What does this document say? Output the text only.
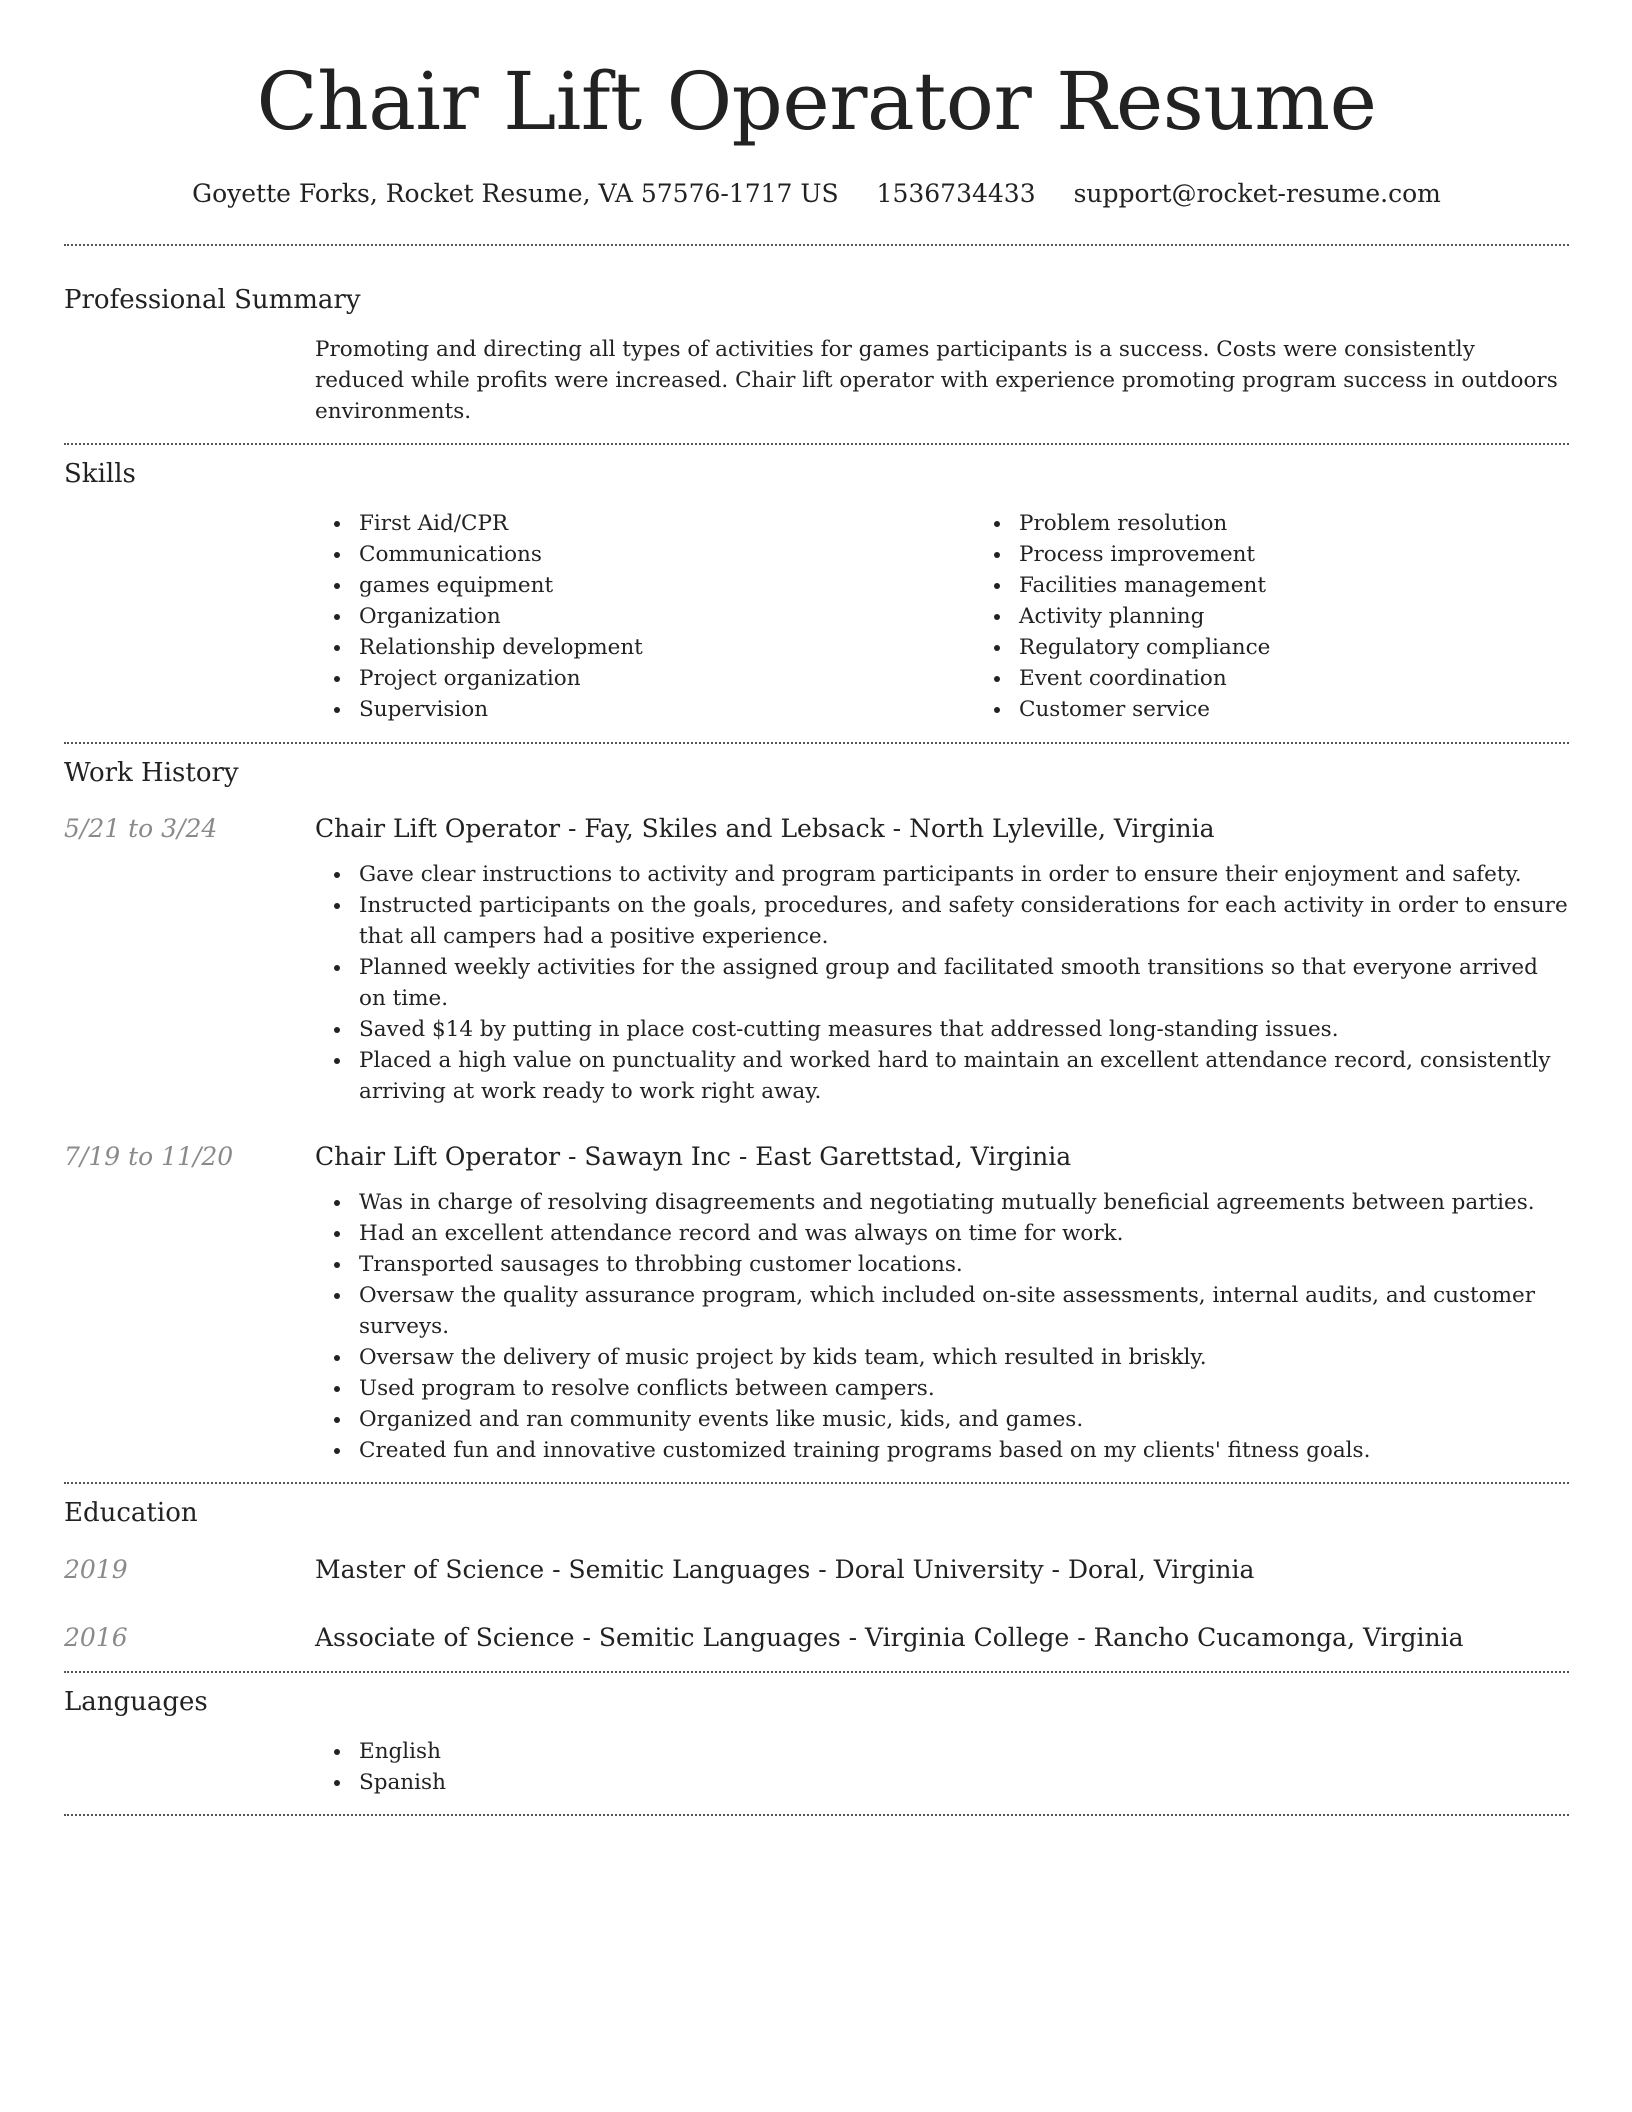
Chair Lift Operator Resume
Goyette Forks, Rocket Resume, VA 57576-1717 US 1536734433 support@rocket-resume.com
Professional Summary

Promoting and directing all types of activities for games participants is a success. Costs were consistently reduced while profits were increased. Chair lift operator with experience promoting program success in outdoors environments.

Skills
First Aid/CPR
Communications
games equipment
Organization
Relationship development
Project organization
Supervision
Problem resolution
Process improvement
Facilities management
Activity planning
Regulatory compliance
Event coordination
Customer service
Work History
5/21 to 3/24	Chair Lift Operator - Fay, Skiles and Lebsack - North Lyleville, Virginia
Gave clear instructions to activity and program participants in order to ensure their enjoyment and safety.
Instructed participants on the goals, procedures, and safety considerations for each activity in order to ensure that all campers had a positive experience.
Planned weekly activities for the assigned group and facilitated smooth transitions so that everyone arrived on time.
Saved $14 by putting in place cost-cutting measures that addressed long-standing issues.
Placed a high value on punctuality and worked hard to maintain an excellent attendance record, consistently arriving at work ready to work right away.
7/19 to 11/20	Chair Lift Operator - Sawayn Inc - East Garettstad, Virginia
Was in charge of resolving disagreements and negotiating mutually beneficial agreements between parties.
Had an excellent attendance record and was always on time for work.
Transported sausages to throbbing customer locations.
Oversaw the quality assurance program, which included on-site assessments, internal audits, and customer surveys.
Oversaw the delivery of music project by kids team, which resulted in briskly.
Used program to resolve conflicts between campers.
Organized and ran community events like music, kids, and games.
Created fun and innovative customized training programs based on my clients' fitness goals.
Education
2019	Master of Science - Semitic Languages - Doral University - Doral, Virginia
2016	Associate of Science - Semitic Languages - Virginia College - Rancho Cucamonga, Virginia
Languages
English
Spanish
